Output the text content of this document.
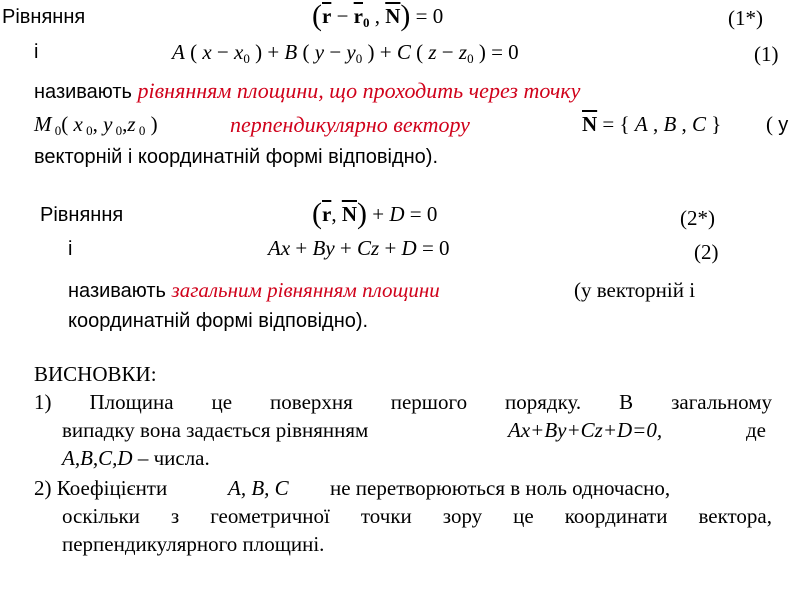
Рівняння	($\overline{r} - \overline{r}_0$ , $\overline{N}) = 0$	(1*)
і	A ( $x - x_0$ ) + B ( $y - y_0$ ) + C ( $z - z_0$ ) = 0	(1)
називають рівнянням площини, що проходить через точку
M $_0$( x $_0$, y $_0$,z $_0$ )	перпендикулярно вектору	$\overline{N}$ = { A , B , C } ( у
векторній і координатній формі відповідно).
Рівняння	($\overline{r}$, $\overline{N}) + D = 0$	(2*)
і	Ax + By + Cz + D = 0	(2)
називають загальним рівнянням площини	(у векторній і
координатній формі відповідно).
ВИСНОВКИ:
1) Площина це поверхня першого порядку. В загальному
випадку вона задається рівнянням	Ax+By+Cz+D=0,	де
A,B,C,D – числа.
2) Коефіцієнти	A, B, C не перетворюються в ноль одночасно,
оскільки з геометричної точки зору це координати вектора,
перпендикулярного площині.
